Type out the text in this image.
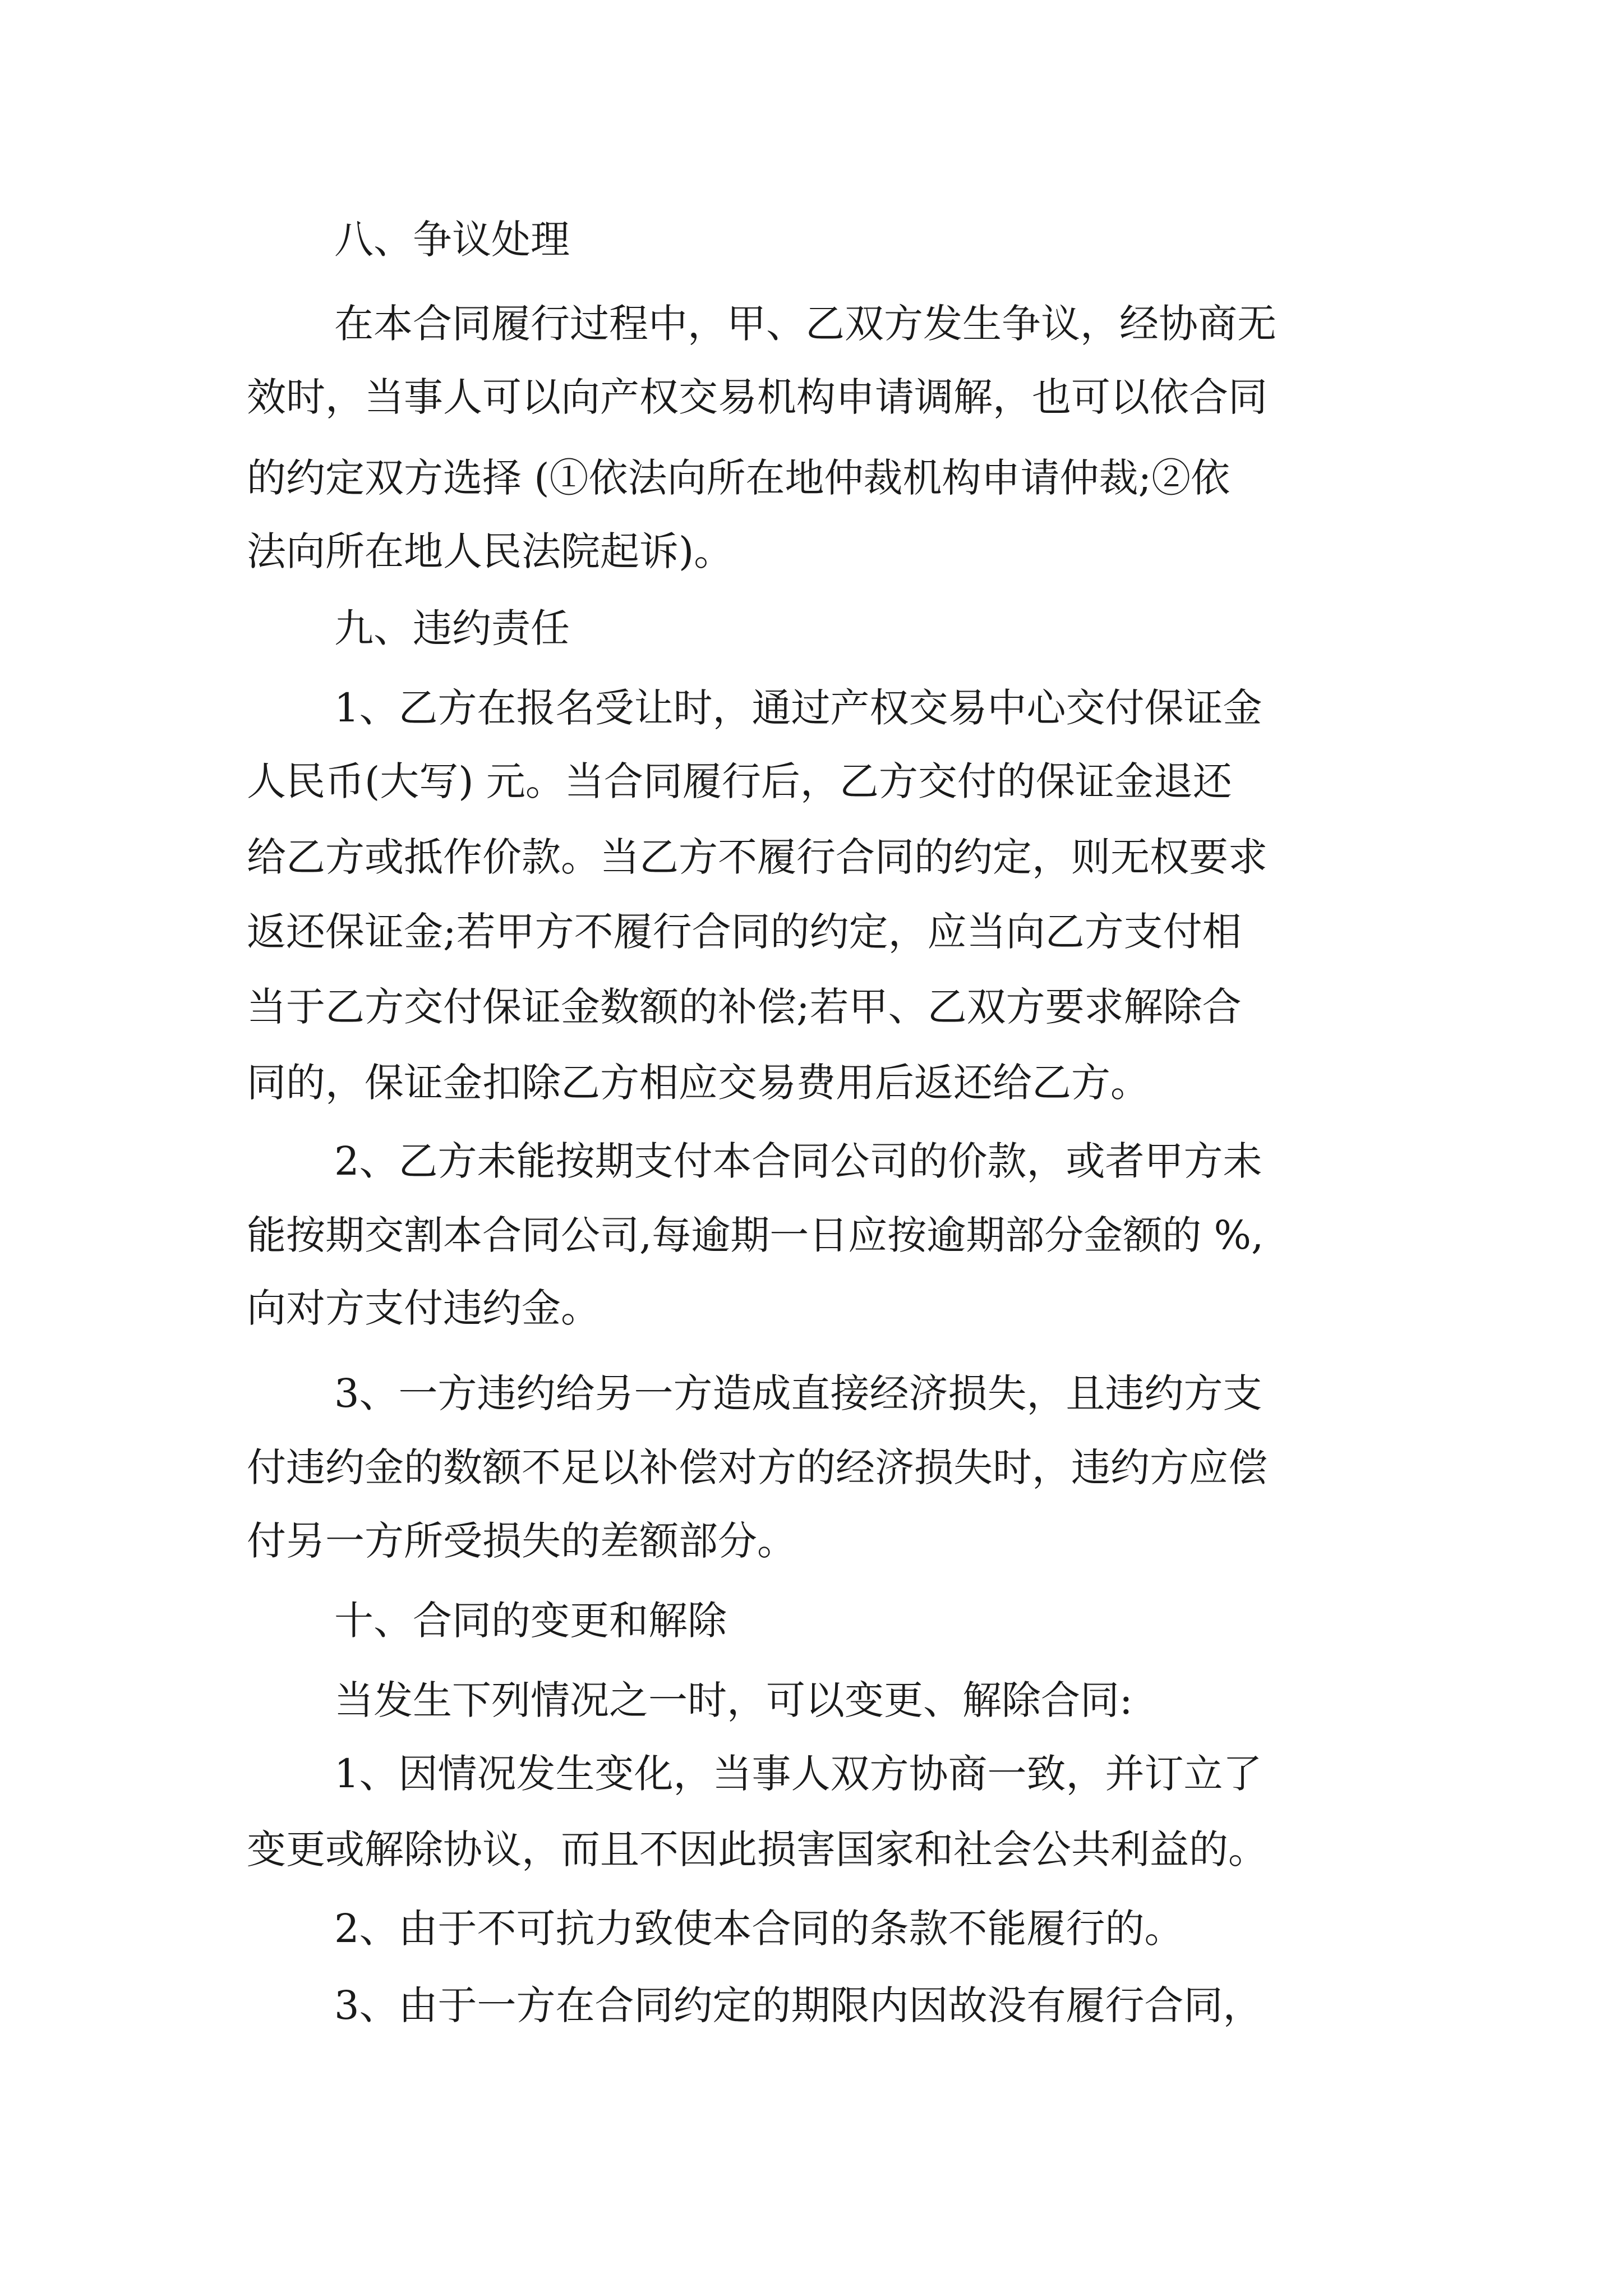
八、争议处理
在本合同履行过程中，甲、乙双方发生争议，经协商无
效时，当事人可以向产权交易机构申请调解，也可以依合同
的约定双方选择 (①依法向所在地仲裁机构申请仲裁;②依
法向所在地人民法院起诉)。
九、违约责任
1、乙方在报名受让时，通过产权交易中心交付保证金
人民币(大写) 元。当合同履行后，乙方交付的保证金退还
给乙方或抵作价款。当乙方不履行合同的约定，则无权要求
返还保证金;若甲方不履行合同的约定，应当向乙方支付相
当于乙方交付保证金数额的补偿;若甲、乙双方要求解除合
同的，保证金扣除乙方相应交易费用后返还给乙方。
2、乙方未能按期支付本合同公司的价款，或者甲方未
能按期交割本合同公司,每逾期一日应按逾期部分金额的 %,
向对方支付违约金。
3、一方违约给另一方造成直接经济损失，且违约方支
付违约金的数额不足以补偿对方的经济损失时，违约方应偿
付另一方所受损失的差额部分。
十、合同的变更和解除
当发生下列情况之一时，可以变更、解除合同:
1、因情况发生变化，当事人双方协商一致，并订立了
变更或解除协议，而且不因此损害国家和社会公共利益的。
2、由于不可抗力致使本合同的条款不能履行的。
3、由于一方在合同约定的期限内因故没有履行合同，
